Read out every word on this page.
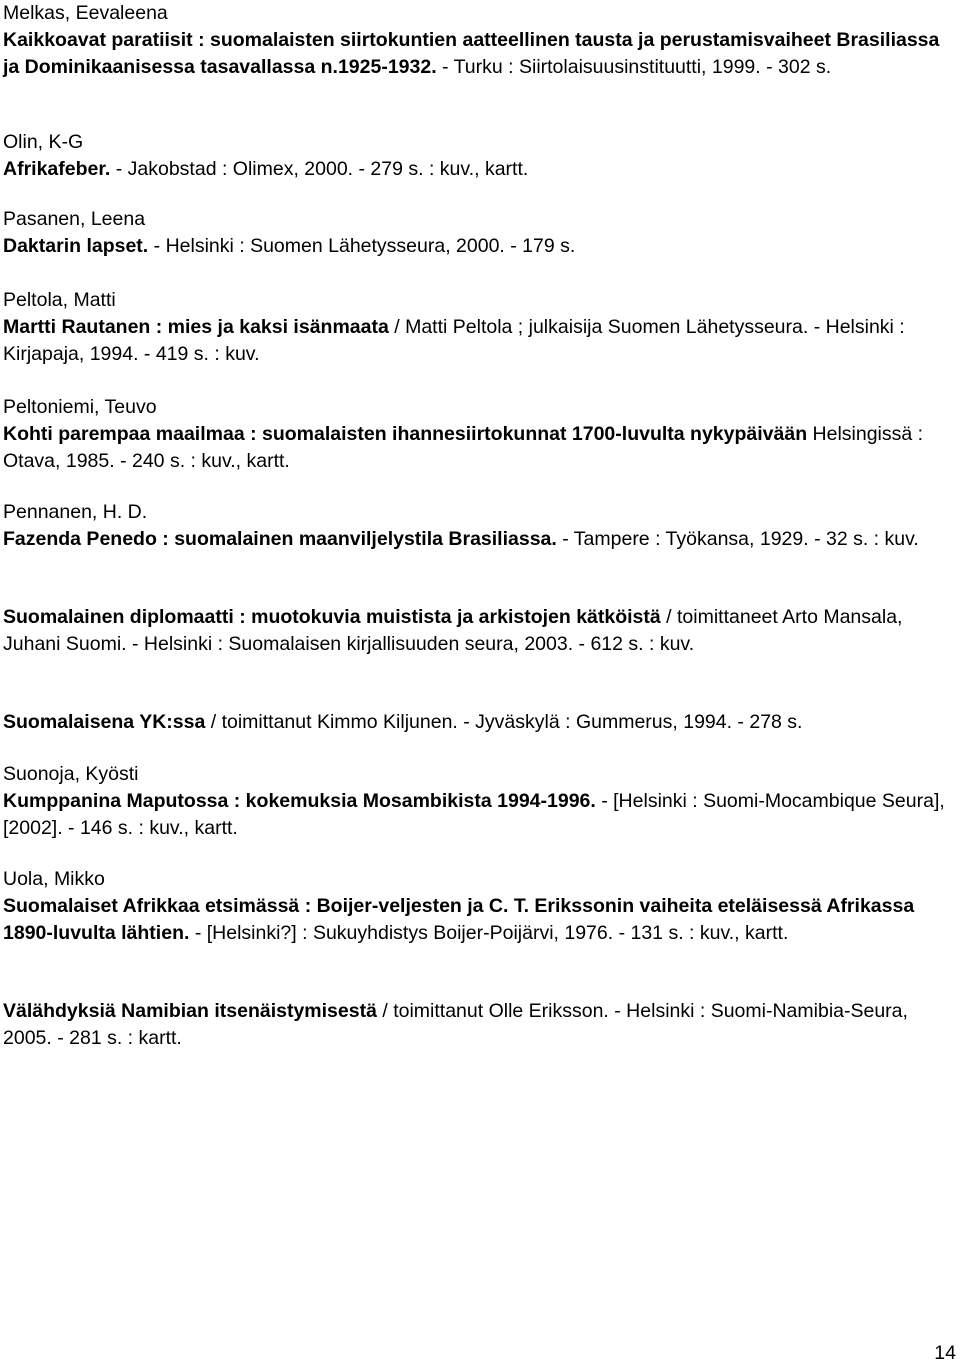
Melkas, Eevaleena

Kaikkoavat paratiisit : suomalaisten siirtokuntien aatteellinen tausta ja perustamisvaiheet Brasiliassa ja Dominikaanisessa tasavallassa n.1925-1932. - Turku : Siirtolaisuusinstituutti, 1999. - 302 s.

Olin, K-G

Afrikafeber. - Jakobstad : Olimex, 2000. - 279 s. : kuv., kartt.

Pasanen, Leena

Daktarin lapset. - Helsinki : Suomen Lähetysseura, 2000. - 179 s.

Peltola, Matti

Martti Rautanen : mies ja kaksi isänmaata / Matti Peltola ; julkaisija Suomen Lähetysseura. - Helsinki : Kirjapaja, 1994. - 419 s. : kuv.

Peltoniemi, Teuvo

Kohti parempaa maailmaa : suomalaisten ihannesiirtokunnat 1700-luvulta nykypäivään Helsingissä : Otava, 1985. - 240 s. : kuv., kartt.

Pennanen, H. D.

Fazenda Penedo : suomalainen maanviljelystila Brasiliassa. - Tampere : Työkansa, 1929. - 32 s. : kuv.

Suomalainen diplomaatti : muotokuvia muistista ja arkistojen kätköistä / toimittaneet Arto Mansala, Juhani Suomi. - Helsinki : Suomalaisen kirjallisuuden seura, 2003. - 612 s. : kuv.

Suomalaisena YK:ssa / toimittanut Kimmo Kiljunen. - Jyväskylä : Gummerus, 1994. - 278 s.

Suonoja, Kyösti

Kumppanina Maputossa : kokemuksia Mosambikista 1994-1996. - [Helsinki : Suomi-Mocambique Seura], [2002]. - 146 s. : kuv., kartt.

Uola, Mikko

Suomalaiset Afrikkaa etsimässä : Boijer-veljesten ja C. T. Erikssonin vaiheita eteläisessä Afrikassa 1890-luvulta lähtien. - [Helsinki?] : Sukuyhdistys Boijer-Poijärvi, 1976. - 131 s. : kuv., kartt.

Välähdyksiä Namibian itsenäistymisestä / toimittanut Olle Eriksson. - Helsinki : Suomi-Namibia-Seura, 2005. - 281 s. : kartt.

14
